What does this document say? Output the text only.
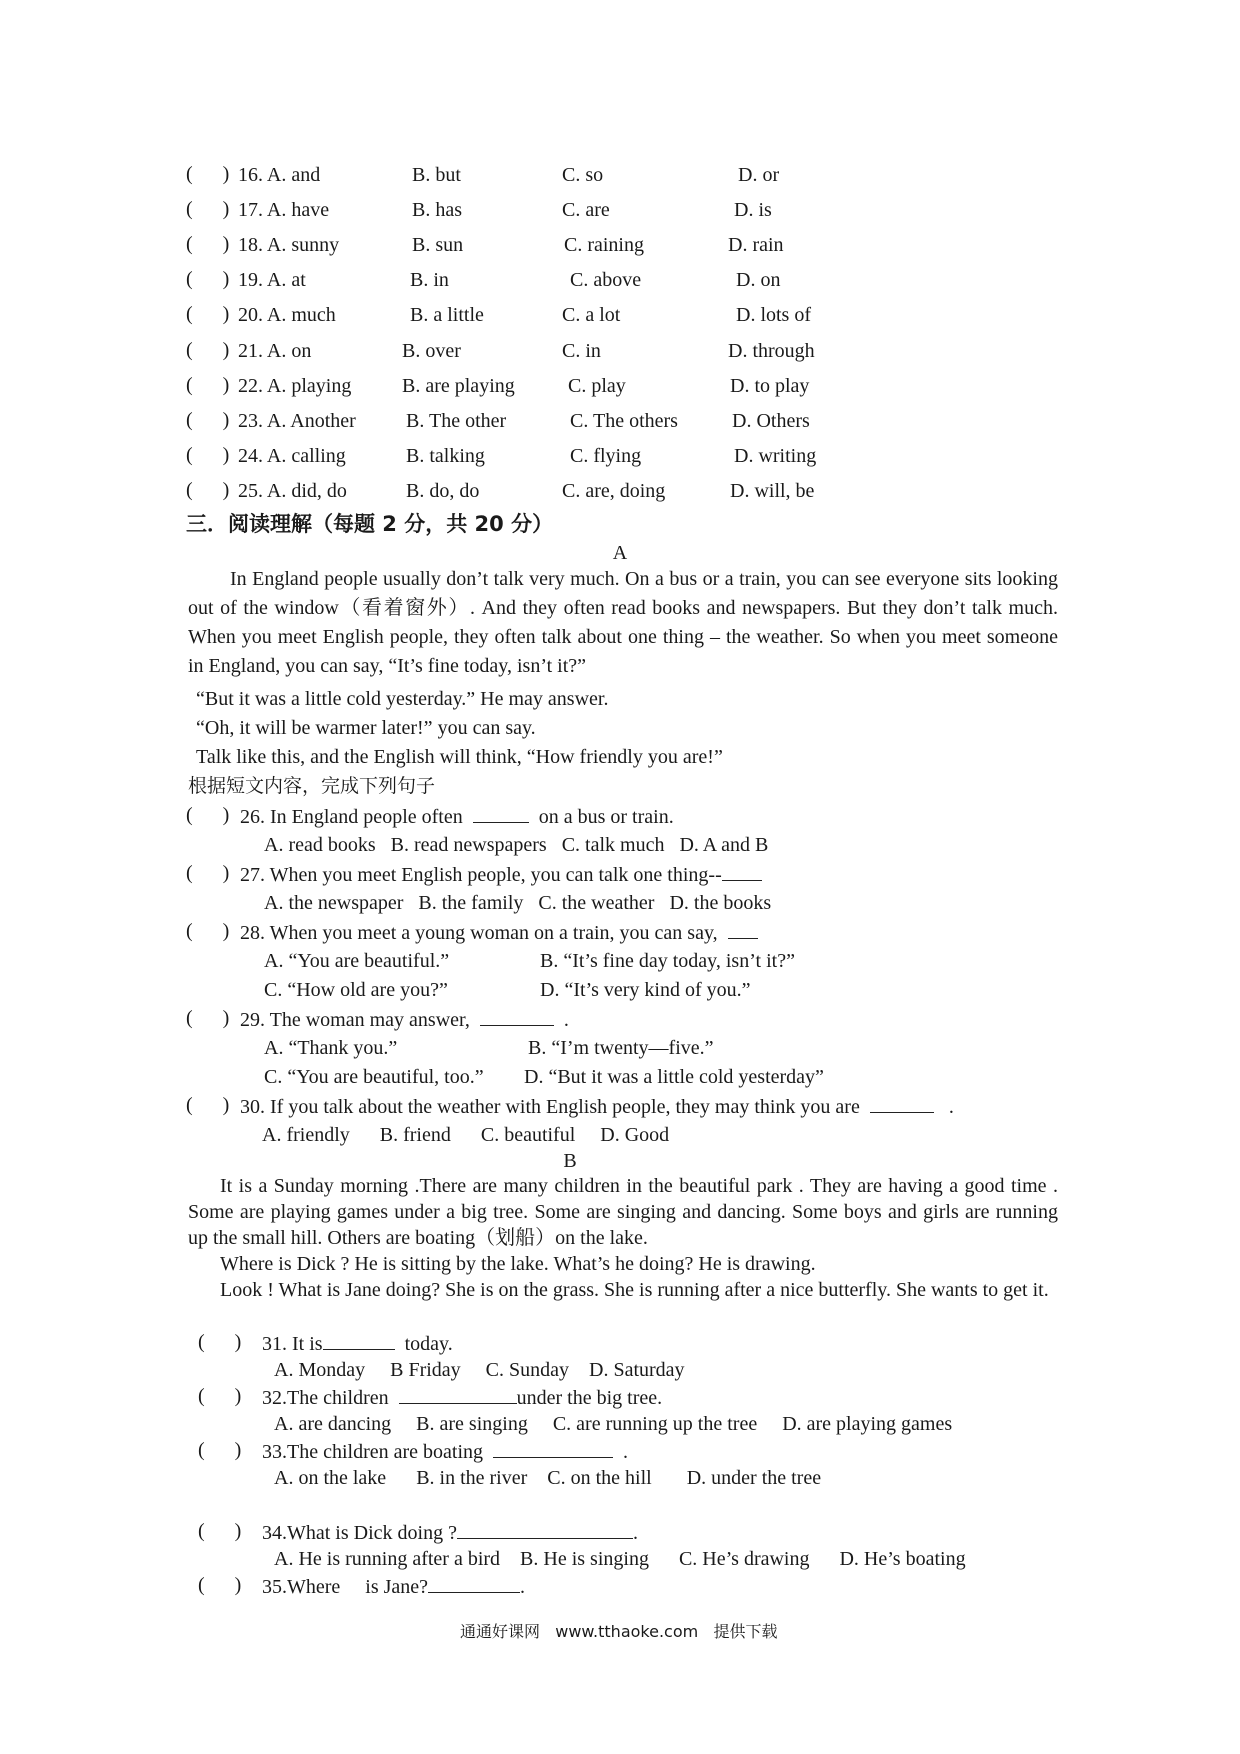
(      ) 16. A. and	B. but	C. so	D. or
(      ) 17. A. have	B. has	C. are	D. is
(      ) 18. A. sunny	B. sun	C. raining	D. rain
(      ) 19. A. at	B. in	C. above	D. on
(      ) 20. A. much	B. a little	C. a lot	D. lots of
(      ) 21. A. on	B. over	C. in	D. through
(      ) 22. A. playing	B. are playing	C. play	D. to play
(      ) 23. A. Another	B. The other	C. The others	D. Others
(      ) 24. A. calling	B. talking	C. flying	D. writing
(      ) 25. A. did, do	B. do, do	C. are, doing	D. will, be
三．阅读理解（每题 2 分，共 20 分）
A
In England people usually don’t talk very much. On a bus or a train, you can see everyone sits looking out of the window（看着窗外）. And they often read books and newspapers. But they don’t talk much. When you meet English people, they often talk about one thing – the weather. So when you meet someone in England, you can say, “It’s fine today, isn’t it?”
“But it was a little cold yesterday.” He may answer.
“Oh, it will be warmer later!” you can say.
Talk like this, and the English will think, “How friendly you are!”
根据短文内容，完成下列句子
(      ) 26. In England people often	on a bus or train.
A. read books   B. read newspapers   C. talk much   D. A and B
(      ) 27. When you meet English people, you can talk one thing--
A. the newspaper   B. the family   C. the weather   D. the books
(      ) 28. When you meet a young woman on a train, you can say,
A. “You are beautiful.”	B. “It’s fine day today, isn’t it?”
C. “How old are you?”	D. “It’s very kind of you.”
(      ) 29. The woman may answer,	.
A. “Thank you.”	B. “I’m twenty—five.”
C. “You are beautiful, too.” D. “But it was a little cold yesterday”
(      ) 30. If you talk about the weather with English people, they may think you are	.
A. friendly      B. friend      C. beautiful     D. Good
B
It is a Sunday morning .There are many children in the beautiful park . They are having a good time . Some are playing games under a big tree. Some are singing and dancing. Some boys and girls are running up the small hill. Others are boating（划船）on the lake.
Where is Dick ? He is sitting by the lake. What’s he doing? He is drawing.
Look ! What is Jane doing? She is on the grass. She is running after a nice butterfly. She wants to get it.
(      ) 31. It is	today.
A. Monday     B Friday     C. Sunday    D. Saturday
(      ) 32.The children	under the big tree.
A. are dancing     B. are singing     C. are running up the tree     D. are playing games
(      ) 33.The children are boating	.
A. on the lake      B. in the river    C. on the hill       D. under the tree
(      ) 34.What is Dick doing ?	.
A. He is running after a bird    B. He is singing      C. He’s drawing      D. He’s boating
(      ) 35.Where     is Jane?	.
通通好课网   www.tthaoke.com   提供下载
